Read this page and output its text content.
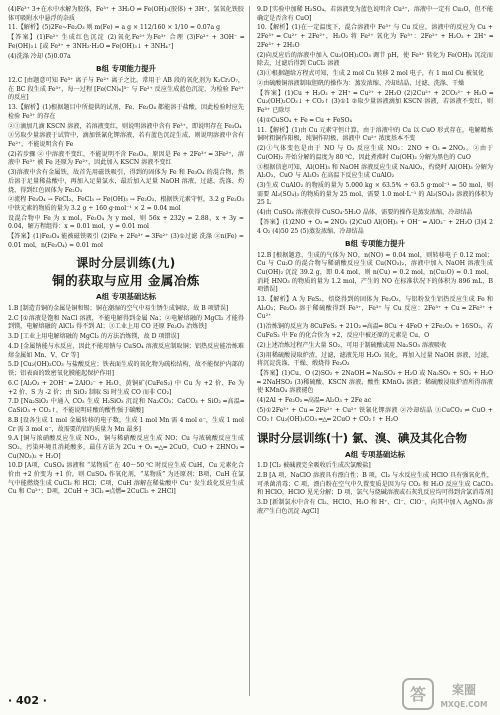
(4)Fe³⁺ 3+在水中水解为胶体，Fe³⁺ + 3H₂O ⇌ Fe(OH)₃(胶体) + 3H⁺，氢氧化铁胶体可吸附水中悬浮的杂质

11.【解析】(5)2Fe~Fe₂O₃ 则 m(Fe) = a g × 112/160 × 1/10 = 0.07a g

【答案】(1)Fe²⁺ 生成红色沉淀 (2)氧化Fe²⁺为Fe³⁺ 合理 (3)Fe³⁺ + 3OH⁻ ═ Fe(OH)₃↓ [或 Fe³⁺ + 3NH₃·H₂O ═ Fe(OH)₃↓ + 3NH₄⁺]

(4)洗涤 冷却 (5)0.07a

B组 专项能力提升

12.C [由题意可知 Fe³⁺ 离子与 Fe²⁺ 离子之比。常用于 AB 段的氧化剂为 K₂Cr₂O₇，在 BC 段生成 Fe³⁺，每一过程 [Fe(CN)₆]³⁻ 与 Fe²⁺ 反应生成蓝色沉淀，为检验 Fe²⁺ 的反应]

13.【解析】(1)根据题目中所提供的试剂，Fe、Fe₃O₄ 都能溶于盐酸，因此检验时应先检验 Fe³⁺ 的存在

②①滴加几滴 KSCN 溶液，若溶液变红，则说明溶液中含有 Fe³⁺，即说明存在 Fe₃O₄

③另取少量溶液于试管中，滴加铁氰化钾溶液，若有蓝色沉淀生成，则说明溶液中含有 Fe²⁺，不能说明含有 Fe

(2)若步骤 ② 中溶液不变红，不能说明不含 Fe₃O₄，原因是 Fe + 2Fe³⁺ ═ 3Fe²⁺，溶液中 Fe³⁺ 被 Fe 还原为 Fe²⁺，因此加入 KSCN 溶液不变红

(3)溶液中含有金属铁，故首先用磁铁吸引，得到的固体为 Fe 和 Fe₃O₄ 的混合物，然后溶于足量稀盐酸中，再加入足量氯水，最后加入足量 NaOH 溶液，过滤、洗涤、灼烧，得到红色固体为 Fe₂O₃

②流程 Fe₃O₄ → FeCl₂、FeCl₃ → Fe(OH)₃ → Fe₂O₃，根据铁元素守恒，3.2 g Fe₂O₃ 中铁元素的物质的量为 3.2 g ÷ 160 g·mol⁻¹ × 2 = 0.04 mol

设混合物中 Fe 为 x mol，Fe₃O₄ 为 y mol，则 56x + 232y = 2.88，x + 3y = 0.04，解方程组得：x = 0.01 mol，y = 0.01 mol

【答案】(1)Fe₃O₄ 能被磁铁吸引 (2)Fe + 2Fe³⁺ ═ 3Fe²⁺ (3)①过滤 洗涤 ②n(Fe) = 0.01 mol，n(Fe₃O₄) = 0.01 mol

课时分层训练(九)
铜的获取与应用 金属冶炼
A组 专项基础达标

1.B [制造青铜的金属是铜和锡；铜在潮湿的空气中易生锈生成铜绿，故 B 项错误]

2.C [①溶液是饱和 NaCl 溶液，不能电解得到金属 Na；②电解熔融的 MgCl₂ 才能得到镁，电解熔融的 AlCl₃ 得不到 Al；③工业上用 CO 还原 Fe₂O₃ 冶炼铁]

3.D [工业上用电解熔融的 MgCl₂ 的方法冶炼镁，故 D 项错误]

4.D [金属钠能与水反应，因此不能用钠与 CuSO₄ 溶液反应制取铜；铝热反应能冶炼难熔金属如 Mn、V、Cr 等]

5.D [Cu₂(OH)₂CO₃ 与盐酸反应；铁表面生成的氧化物为疏松结构，故不能保护内部的铁；铝表面的致密氧化膜能起保护作用]

6.C [Al₂O₃ + 2OH⁻ ═ 2AlO₂⁻ + H₂O，黄铜矿(CuFeS₂) 中 Cu 为 +2 价、Fe 为 +2 价、S 为 -2 价；由 SiO₂ 制取 Si 时生成 CO 而非 CO₂]

7.D [Na₂SiO₃ 中通入 CO₂ 生成 H₂SiO₃ 沉淀和 Na₂CO₃；CaCO₃ + SiO₂ ═高温═ CaSiO₃ + CO₂↑，不能说明硅酸的酸性强于碳酸]

8.B [设各生成 1 mol 金属转移的电子数，生成 1 mol Mn 需 4 mol e⁻，生成 1 mol Cr 需 3 mol e⁻，故需要的铝的质量为 Mn 最多]

9.A [铜与浓硝酸反应生成 NO₂，铜与稀硝酸反应生成 NO；Cu 与浓硫酸反应生成 SO₂，污染环境且消耗酸多，最佳方法为 2Cu + O₂ ═△═ 2CuO，CuO + 2HNO₃ ═ Cu(NO₃)₂ + H₂O]

10.D [A项，CuSO₄ 溶液和 “某物质” 在 40～50 ℃ 时反应生成 CuH，Cu 元素化合价由 +2 价变为 +1 价，则 CuSO₄ 作氧化剂，“某物质” 为还原剂；B项，CuH 在氯气中能燃烧生成 CuCl₂ 和 HCl；C项，CuH 溶解在稀盐酸中 Cu⁺ 发生歧化反应生成 Cu 和 Cu²⁺；D项，2CuH + 3Cl₂ ═点燃═ 2CuCl₂ + 2HCl]

9.D [实验中加稀 H₂SO₄，若溶液变为蓝色说明含 Cu²⁺，溶液中一定有 Cu₂O，但不能确定是否含有 CuO]

10.【解析】(1)在一定温度下，混合溶液中 Fe³⁺ 与 Cu 反应，溶液中的反应为 Cu + 2Fe³⁺ ═ Cu²⁺ + 2Fe²⁺，H₂O₂ 将 Fe²⁺ 氧化为 Fe³⁺：2Fe²⁺ + H₂O₂ + 2H⁺ ═ 2Fe³⁺ + 2H₂O

(2)向反应后的溶液中加入 Cu₂(OH)₂CO₃ 调节 pH，使 Fe³⁺ 转化为 Fe(OH)₃ 沉淀而除去，过滤后得到 CuCl₂ 溶液

(3)①根据题给方程式可知，生成 2 mol Cu 转移 2 mol 电子，有 1 mol Cu 被氧化

②由硫酸铜溶液制取胆矾的操作为：蒸发浓缩、冷却结晶、过滤、洗涤、干燥

【答案】(1)Cu + H₂O₂ + 2H⁺ ═ Cu²⁺ + 2H₂O (2)2Cu²⁺ + 2CO₃²⁻ + H₂O ═ Cu₂(OH)₂CO₃↓ + CO₂↑ (3)①1 ②取少量溶液滴加 KSCN 溶液，若溶液不变红，则 Fe³⁺ 已除尽

(4)①CuSO₄ + Fe ═ Cu + FeSO₄

11.【解析】(1)由 Cu 元素守恒计算，由于溶液中的 Cu 以 CuO 形式存在，电解精炼铜时粗铜作阳极，纯铜作阴极，溶液中 Cu²⁺ 浓度基本不变

(2)①气体变色是由于 NO 与 O₂ 反应生成 NO₂：2NO + O₂ ═ 2NO₂。②由于 Cu(OH)₂ 开始分解的温度为 80 ℃，因此煮沸时 Cu(OH)₂ 分解为黑色的 CuO

③根据信息可知，Al(OH)₃ 和 NaOH 溶液反应生成 NaAlO₂，灼烧时 Al(OH)₃ 分解为 Al₂O₃，CuO 与 Al₂O₃ 在高温下反应生成 CuAlO₂

(3)生成 CuAlO₂ 的物质的量为 5.000 kg × 63.5% ÷ 63.5 g·mol⁻¹ = 50 mol，则需要 Al₂(SO₄)₃ 的物质的量为 25 mol，需要 1.0 mol·L⁻¹ 的 Al₂(SO₄)₃ 溶液的体积为 25 L

(4)由 CuSO₄ 溶液获得 CuSO₄·5H₂O 晶体，需要的操作是蒸发浓缩、冷却结晶

【答案】(1)2NO + O₂ ═ 2NO₂ (2)CuO Al(OH)₃ + OH⁻ ═ AlO₂⁻ + 2H₂O (3)4 2 4 O₂ (4)50 25 (5)蒸发浓缩、冷却结晶

B组 专项能力提升

12.B [根据题意，生成的气体为 NO，n(NO) = 0.04 mol，则转移电子 0.12 mol；Cu 与 Cu₂O 的混合物与稀硝酸反应生成 Cu(NO₃)₂，溶液中加入 NaOH 溶液生成 Cu(OH)₂ 沉淀 39.2 g，即 0.4 mol，则 n(Cu) = 0.2 mol，n(Cu₂O) = 0.1 mol，消耗 HNO₃ 的物质的量为 1.2 mol，产生的 NO 在标准状况下的体积为 896 mL，B 项错误]

13.【解析】A 为 FeS₂，焙烧得到的固体为 Fe₂O₃，与铝粉发生铝热反应生成 Fe 和 Al₂O₃；Fe₂O₃ 溶于稀硫酸得到 Fe³⁺，Fe³⁺ 与 Cu 反应：2Fe³⁺ + Cu ═ 2Fe²⁺ + Cu²⁺

(1)冶炼铜的反应为 8CuFeS₂ + 21O₂ ═高温═ 8Cu + 4FeO + 2Fe₂O₃ + 16SO₂，若 CuFeS₂ 中 Fe 的化合价为 +2，反应中被还原的元素是 Cu、O

(2)上述冶炼过程产生大量 SO₂，可用于制硫酸或用 Na₂SO₃ 溶液吸收

(3)用稀硫酸浸取炉渣，过滤，滤液先用 H₂O₂ 氧化，再加入过量 NaOH 溶液，过滤，将沉淀洗涤、干燥、煅烧得 Fe₂O₃

【答案】(1)Cu、O (2)SO₂ + 2NaOH ═ Na₂SO₃ + H₂O 或 Na₂SO₃ + SO₂ + H₂O ═ 2NaHSO₃ (3)稀硫酸、KSCN 溶液、酸性 KMnO₄ 溶液；稀硫酸浸取炉渣所得溶液使 KMnO₄ 溶液褪色

(4)2Al + Fe₂O₃ ═高温═ Al₂O₃ + 2Fe ac

(5)①2Fe³⁺ + Cu ═ 2Fe²⁺ + Cu²⁺ 铁氰化钾溶液 ②冷却结晶 ③CuCO₃ ⇌ CuO + CO₂↑ Cu₂(OH)₂CO₃ ═△═ 2CuO + CO₂↑ + H₂O

课时分层训练(十) 氯、溴、碘及其化合物
A组 专项基础达标

1.D [Cl₂ 被碱液完全吸收后生成次氯酸盐]

2.B [A 项，NaClO 溶液具有漂白性；B 项，Cl₂ 与水反应生成 HClO 具有强氧化性，可杀菌消毒；C 项，漂白粉在空气中久置变质是因为与 CO₂ 和 H₂O 反应生成 CaCO₃ 和 HClO，HClO 见光分解；D 项，氯气与烧碱溶液或石灰乳反应均可得到含氯消毒剂]

3.D [新制氯水中含有 Cl₂、HClO、H₂O 和 H⁺、Cl⁻、ClO⁻，向其中加入 AgNO₃ 溶液产生白色沉淀 AgCl]

· 402 ·	答 案圈
MXQE.COM
